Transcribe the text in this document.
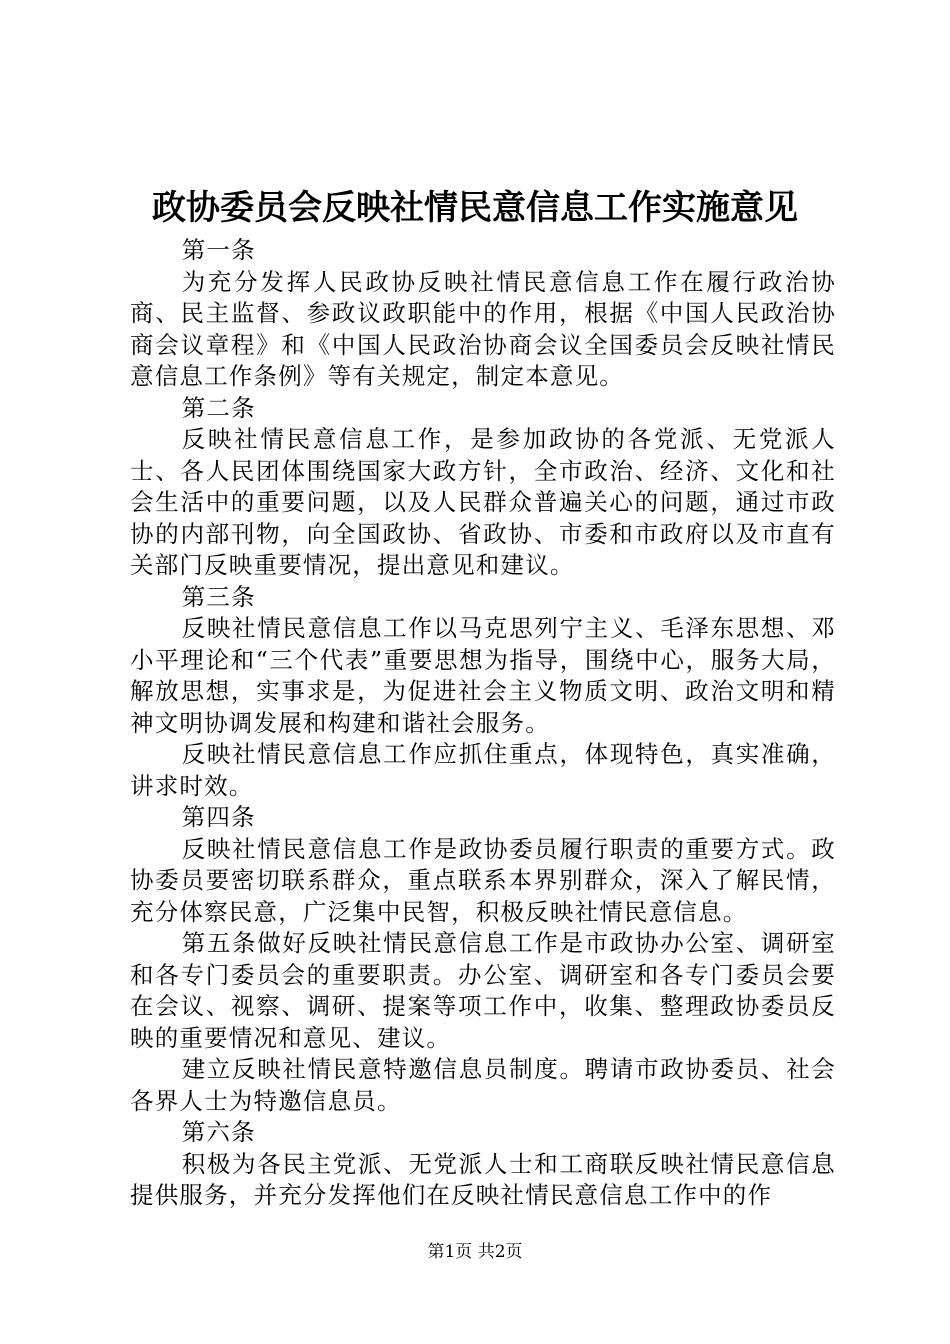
政协委员会反映社情民意信息工作实施意见

第一条

为充分发挥人民政协反映社情民意信息工作在履行政治协商、民主监督、参政议政职能中的作用，根据《中国人民政治协商会议章程》和《中国人民政治协商会议全国委员会反映社情民意信息工作条例》等有关规定，制定本意见。

第二条

反映社情民意信息工作，是参加政协的各党派、无党派人士、各人民团体围绕国家大政方针，全市政治、经济、文化和社会生活中的重要问题，以及人民群众普遍关心的问题，通过市政协的内部刊物，向全国政协、省政协、市委和市政府以及市直有关部门反映重要情况，提出意见和建议。

第三条

反映社情民意信息工作以马克思列宁主义、毛泽东思想、邓小平理论和“三个代表”重要思想为指导，围绕中心，服务大局，解放思想，实事求是，为促进社会主义物质文明、政治文明和精神文明协调发展和构建和谐社会服务。

反映社情民意信息工作应抓住重点，体现特色，真实准确，讲求时效。

第四条

反映社情民意信息工作是政协委员履行职责的重要方式。政协委员要密切联系群众，重点联系本界别群众，深入了解民情，充分体察民意，广泛集中民智，积极反映社情民意信息。

第五条做好反映社情民意信息工作是市政协办公室、调研室和各专门委员会的重要职责。办公室、调研室和各专门委员会要在会议、视察、调研、提案等项工作中，收集、整理政协委员反映的重要情况和意见、建议。

建立反映社情民意特邀信息员制度。聘请市政协委员、社会各界人士为特邀信息员。

第六条

积极为各民主党派、无党派人士和工商联反映社情民意信息提供服务，并充分发挥他们在反映社情民意信息工作中的作

第1页 共2页
